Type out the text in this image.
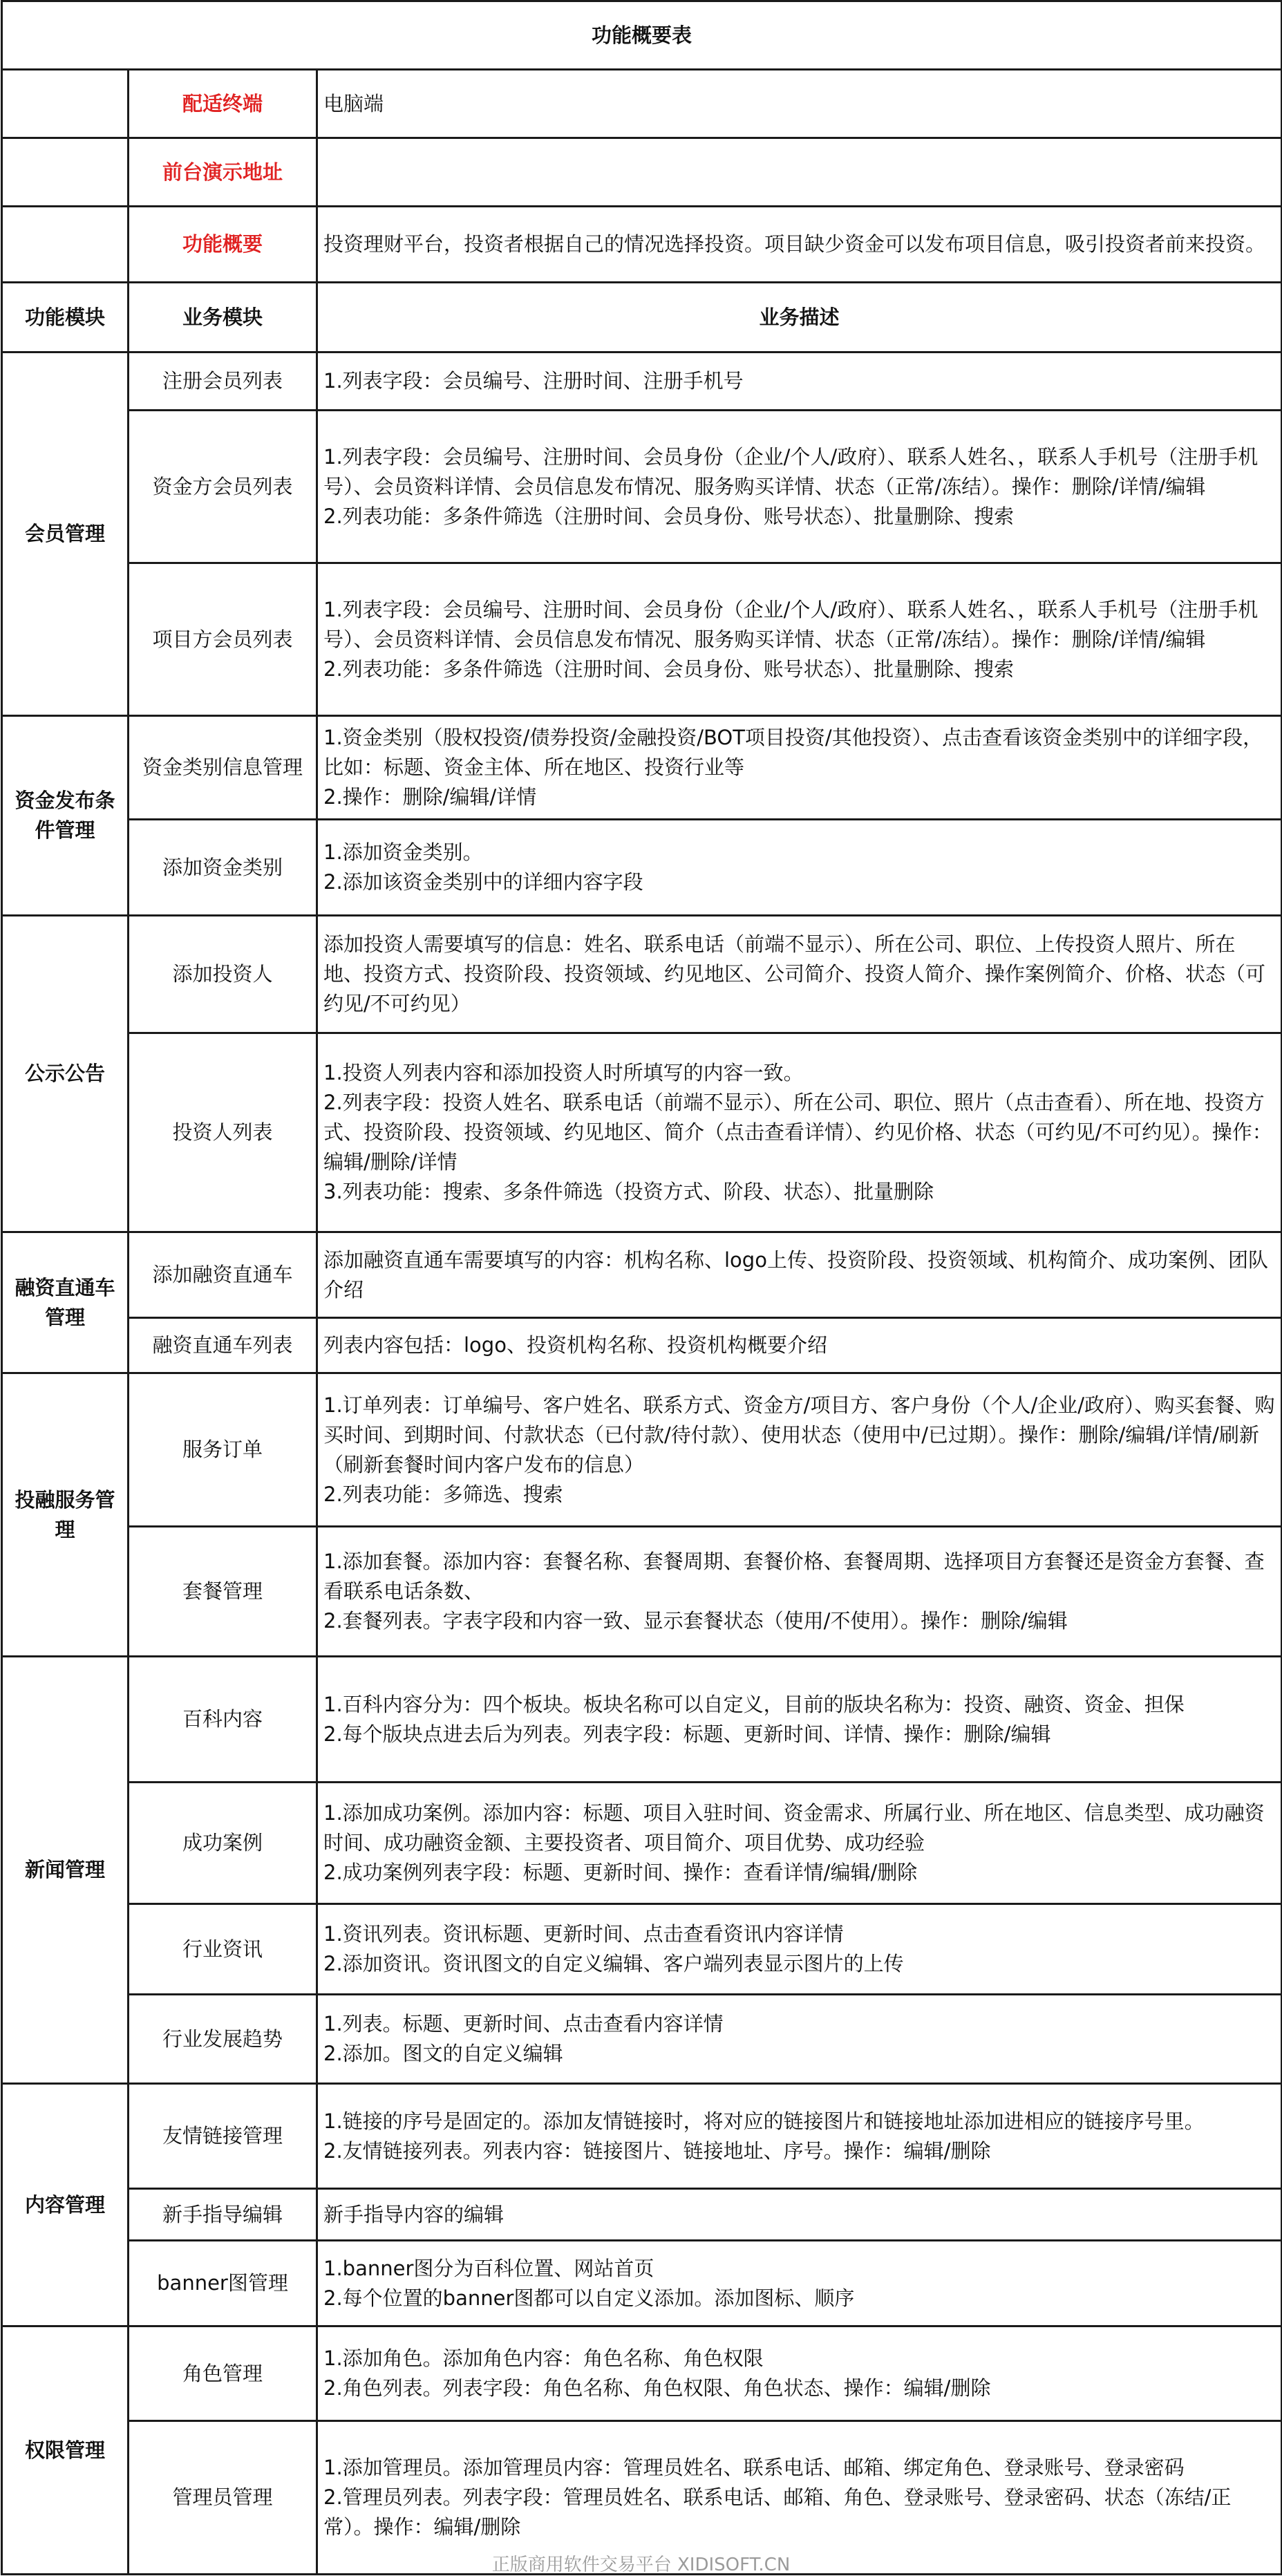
功能概要表		
	配适终端	电脑端
	前台演示地址	
	功能概要	投资理财平台，投资者根据自己的情况选择投资。项目缺少资金可以发布项目信息，吸引投资者前来投资。
功能模块	业务模块	业务描述
会员管理	注册会员列表	1.列表字段：会员编号、注册时间、注册手机号
	资金方会员列表	1.列表字段：会员编号、注册时间、会员身份（企业/个人/政府）、联系人姓名、，联系人手机号（注册手机号）、会员资料详情、会员信息发布情况、服务购买详情、状态（正常/冻结）。操作：删除/详情/编辑
2.列表功能：多条件筛选（注册时间、会员身份、账号状态）、批量删除、搜索
	项目方会员列表	1.列表字段：会员编号、注册时间、会员身份（企业/个人/政府）、联系人姓名、，联系人手机号（注册手机号）、会员资料详情、会员信息发布情况、服务购买详情、状态（正常/冻结）。操作：删除/详情/编辑
2.列表功能：多条件筛选（注册时间、会员身份、账号状态）、批量删除、搜索
资金发布条件管理	资金类别信息管理	1.资金类别（股权投资/债券投资/金融投资/BOT项目投资/其他投资）、点击查看该资金类别中的详细字段，比如：标题、资金主体、所在地区、投资行业等
2.操作：删除/编辑/详情
	添加资金类别	1.添加资金类别。
2.添加该资金类别中的详细内容字段
公示公告	添加投资人	添加投资人需要填写的信息：姓名、联系电话（前端不显示）、所在公司、职位、上传投资人照片、所在地、投资方式、投资阶段、投资领域、约见地区、公司简介、投资人简介、操作案例简介、价格、状态（可约见/不可约见）
	投资人列表	1.投资人列表内容和添加投资人时所填写的内容一致。
2.列表字段：投资人姓名、联系电话（前端不显示）、所在公司、职位、照片（点击查看）、所在地、投资方式、投资阶段、投资领域、约见地区、简介（点击查看详情）、约见价格、状态（可约见/不可约见）。操作：编辑/删除/详情
3.列表功能：搜索、多条件筛选（投资方式、阶段、状态）、批量删除
融资直通车管理	添加融资直通车	添加融资直通车需要填写的内容：机构名称、logo上传、投资阶段、投资领域、机构简介、成功案例、团队介绍
	融资直通车列表	列表内容包括：logo、投资机构名称、投资机构概要介绍
投融服务管理	服务订单	1.订单列表：订单编号、客户姓名、联系方式、资金方/项目方、客户身份（个人/企业/政府）、购买套餐、购买时间、到期时间、付款状态（已付款/待付款）、使用状态（使用中/已过期）。操作：删除/编辑/详情/刷新（刷新套餐时间内客户发布的信息）
2.列表功能：多筛选、搜索
	套餐管理	1.添加套餐。添加内容：套餐名称、套餐周期、套餐价格、套餐周期、选择项目方套餐还是资金方套餐、查看联系电话条数、
2.套餐列表。字表字段和内容一致、显示套餐状态（使用/不使用）。操作：删除/编辑
新闻管理	百科内容	1.百科内容分为：四个板块。板块名称可以自定义，目前的版块名称为：投资、融资、资金、担保
2.每个版块点进去后为列表。列表字段：标题、更新时间、详情、操作：删除/编辑
	成功案例	1.添加成功案例。添加内容：标题、项目入驻时间、资金需求、所属行业、所在地区、信息类型、成功融资时间、成功融资金额、主要投资者、项目简介、项目优势、成功经验
2.成功案例列表字段：标题、更新时间、操作：查看详情/编辑/删除
	行业资讯	1.资讯列表。资讯标题、更新时间、点击查看资讯内容详情
2.添加资讯。资讯图文的自定义编辑、客户端列表显示图片的上传
	行业发展趋势	1.列表。标题、更新时间、点击查看内容详情
2.添加。图文的自定义编辑
内容管理	友情链接管理	1.链接的序号是固定的。添加友情链接时，将对应的链接图片和链接地址添加进相应的链接序号里。
2.友情链接列表。列表内容：链接图片、链接地址、序号。操作：编辑/删除
	新手指导编辑	新手指导内容的编辑
	banner图管理	1.banner图分为百科位置、网站首页
2.每个位置的banner图都可以自定义添加。添加图标、顺序
权限管理	角色管理	1.添加角色。添加角色内容：角色名称、角色权限
2.角色列表。列表字段：角色名称、角色权限、角色状态、操作：编辑/删除
	管理员管理	1.添加管理员。添加管理员内容：管理员姓名、联系电话、邮箱、绑定角色、登录账号、登录密码
2.管理员列表。列表字段：管理员姓名、联系电话、邮箱、角色、登录账号、登录密码、状态（冻结/正常）。操作：编辑/删除
正版商用软件交易平台 XIDISOFT.CN
